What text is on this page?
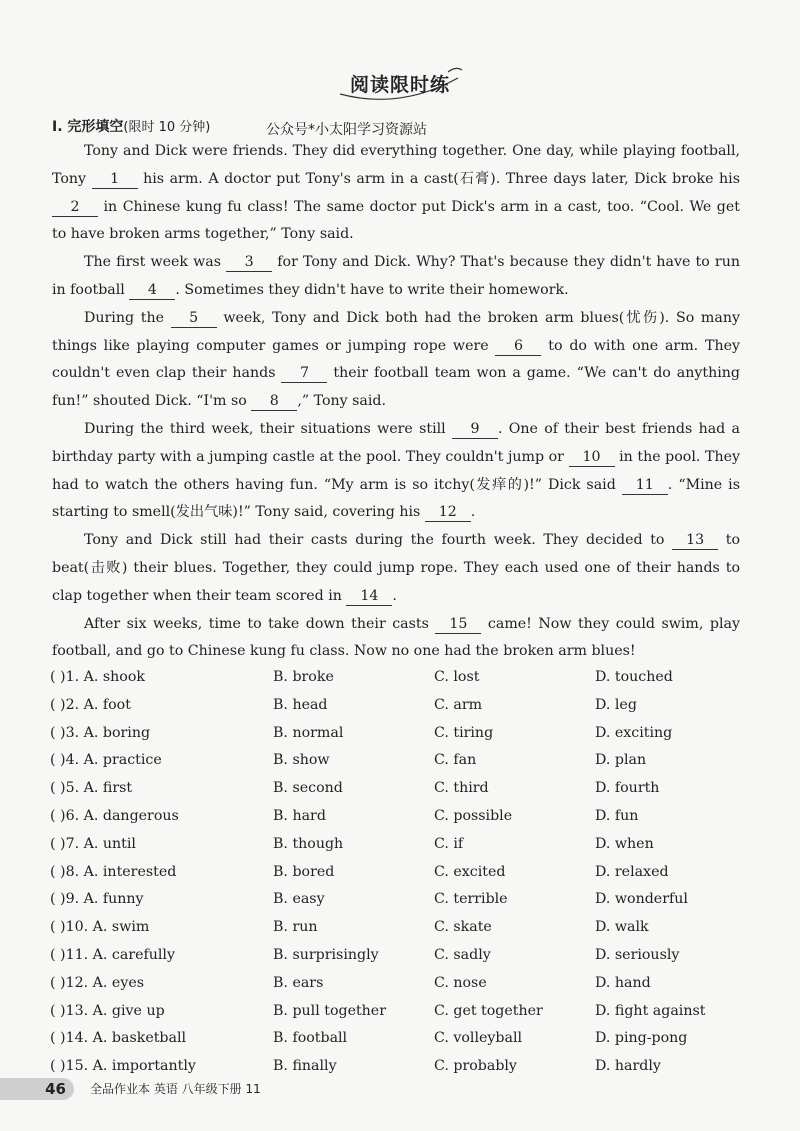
阅读限时练
Ⅰ. 完形填空(限时 10 分钟)	公众号*小太阳学习资源站

Tony and Dick were friends. They did everything together. One day, while playing football, Tony 1 his arm. A doctor put Tony's arm in a cast(石膏). Three days later, Dick broke his 2 in Chinese kung fu class! The same doctor put Dick's arm in a cast, too. “Cool. We get to have broken arms together,” Tony said.

The first week was 3 for Tony and Dick. Why? That's because they didn't have to run in football 4 . Sometimes they didn't have to write their homework.

During the 5 week, Tony and Dick both had the broken arm blues(忧伤). So many things like playing computer games or jumping rope were 6 to do with one arm. They couldn't even clap their hands 7 their football team won a game. “We can't do anything fun!” shouted Dick. “I'm so 8 ,” Tony said.

During the third week, their situations were still 9 . One of their best friends had a birthday party with a jumping castle at the pool. They couldn't jump or 10 in the pool. They had to watch the others having fun. “My arm is so itchy(发痒的)!” Dick said 11 . “Mine is starting to smell(发出气味)!” Tony said, covering his 12 .

Tony and Dick still had their casts during the fourth week. They decided to 13 to beat(击败) their blues. Together, they could jump rope. They each used one of their hands to clap together when their team scored in 14 .

After six weeks, time to take down their casts 15 came! Now they could swim, play football, and go to Chinese kung fu class. Now no one had the broken arm blues!

( )1. A. shook	B. broke	C. lost	D. touched
( )2. A. foot	B. head	C. arm	D. leg
( )3. A. boring	B. normal	C. tiring	D. exciting
( )4. A. practice	B. show	C. fan	D. plan
( )5. A. first	B. second	C. third	D. fourth
( )6. A. dangerous	B. hard	C. possible	D. fun
( )7. A. until	B. though	C. if	D. when
( )8. A. interested	B. bored	C. excited	D. relaxed
( )9. A. funny	B. easy	C. terrible	D. wonderful
( )10. A. swim	B. run	C. skate	D. walk
( )11. A. carefully	B. surprisingly	C. sadly	D. seriously
( )12. A. eyes	B. ears	C. nose	D. hand
( )13. A. give up	B. pull together	C. get together	D. fight against
( )14. A. basketball	B. football	C. volleyball	D. ping-pong
( )15. A. importantly	B. finally	C. probably	D. hardly
46	全品作业本 英语 八年级下册 11
